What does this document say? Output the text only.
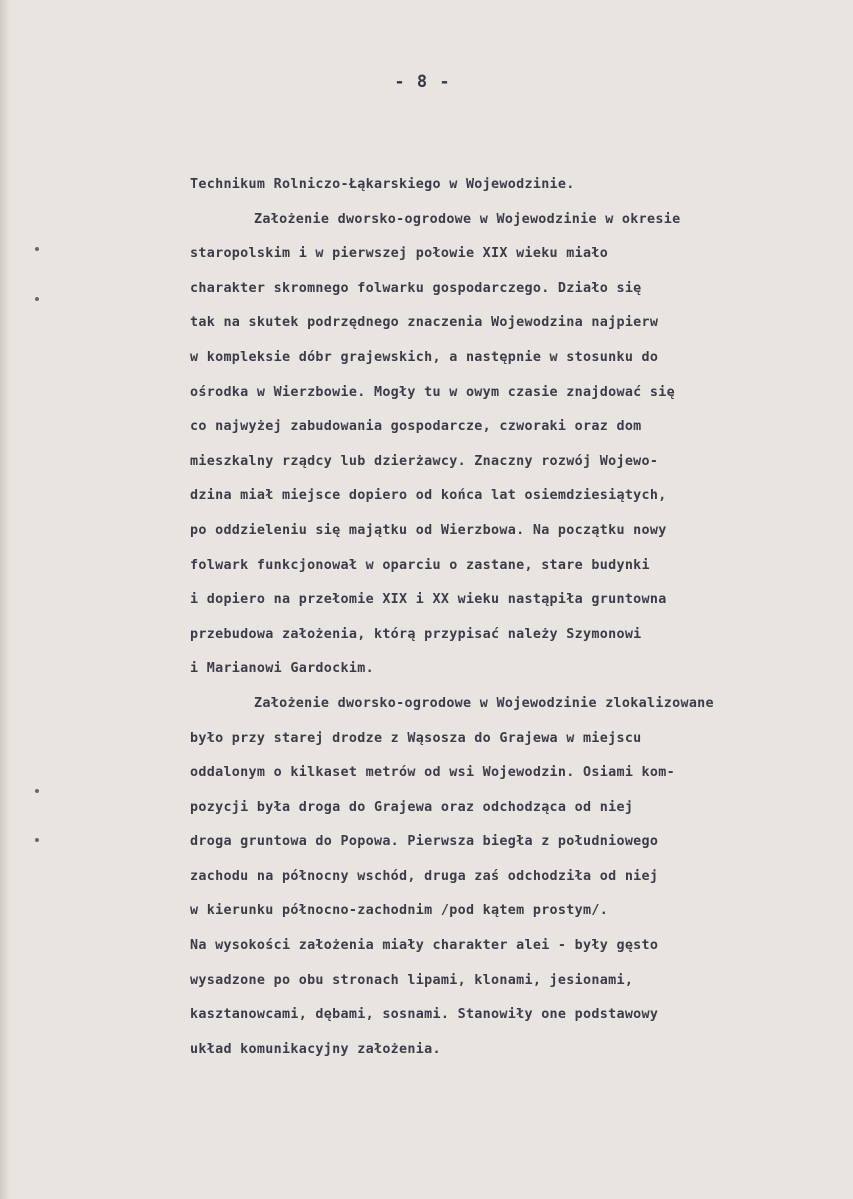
- 8 -
Technikum Rolniczo-Łąkarskiego w Wojewodzinie.
Założenie dworsko-ogrodowe w Wojewodzinie w okresie
staropolskim i w pierwszej połowie XIX wieku miało
charakter skromnego folwarku gospodarczego. Działo się
tak na skutek podrzędnego znaczenia Wojewodzina najpierw
w kompleksie dóbr grajewskich, a następnie w stosunku do
ośrodka w Wierzbowie. Mogły tu w owym czasie znajdować się
co najwyżej zabudowania gospodarcze, czworaki oraz dom
mieszkalny rządcy lub dzierżawcy. Znaczny rozwój Wojewo-
dzina miał miejsce dopiero od końca lat osiemdziesiątych,
po oddzieleniu się majątku od Wierzbowa. Na początku nowy
folwark funkcjonował w oparciu o zastane, stare budynki
i dopiero na przełomie XIX i XX wieku nastąpiła gruntowna
przebudowa założenia, którą przypisać należy Szymonowi
i Marianowi Gardockim.
Założenie dworsko-ogrodowe w Wojewodzinie zlokalizowane
było przy starej drodze z Wąsosza do Grajewa w miejscu
oddalonym o kilkaset metrów od wsi Wojewodzin. Osiami kom-
pozycji była droga do Grajewa oraz odchodząca od niej
droga gruntowa do Popowa. Pierwsza biegła z południowego
zachodu na północny wschód, druga zaś odchodziła od niej
w kierunku północno-zachodnim /pod kątem prostym/.
Na wysokości założenia miały charakter alei - były gęsto
wysadzone po obu stronach lipami, klonami, jesionami,
kasztanowcami, dębami, sosnami. Stanowiły one podstawowy
układ komunikacyjny założenia.
